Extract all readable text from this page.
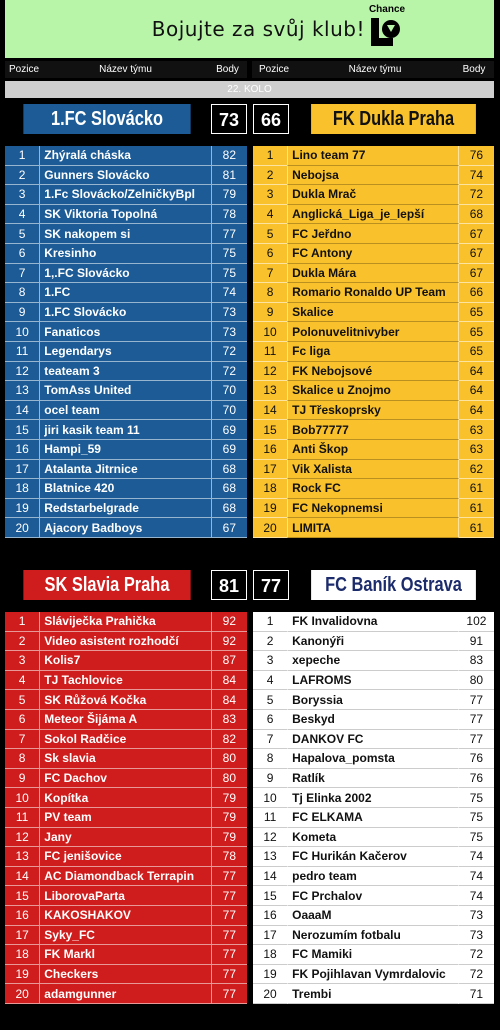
Bojujte za svůj klub!
Chance
Pozice	Název týmu	Body	Pozice	Název týmu	Body
22. KOLO
1.FC Slovácko	73
1	Zhýralá cháska	82
2	Gunners Slovácko	81
3	1.Fc Slovácko/ZelničkyBpl	79
4	SK Viktoria Topolná	78
5	SK nakopem si	77
6	Kresinho	75
7	1,.FC Slovácko	75
8	1.FC	74
9	1.FC Slovácko	73
10	Fanaticos	73
11	Legendarys	72
12	teateam 3	72
13	TomAss United	70
14	ocel team	70
15	jiri kasik team 11	69
16	Hampi_59	69
17	Atalanta Jitrnice	68
18	Blatnice 420	68
19	Redstarbelgrade	68
20	Ajacory Badboys	67
FK Dukla Praha
66
1	Lino team 77	76
2	Nebojsa	74
3	Dukla Mrač	72
4	Anglická_Liga_je_lepší	68
5	FC Jeřdno	67
6	FC Antony	67
7	Dukla Mára	67
8	Romario Ronaldo UP Team	66
9	Skalice	65
10	Polonuvelitnivyber	65
11	Fc liga	65
12	FK Nebojsové	64
13	Skalice u Znojmo	64
14	TJ Třeskoprsky	64
15	Bob77777	63
16	Anti Škop	63
17	Vik Xalista	62
18	Rock FC	61
19	FC Nekopnemsi	61
20	LIMITA	61
SK Slavia Praha	81
1	Sláviječka Prahička	92
2	Video asistent rozhodčí	92
3	Kolis7	87
4	TJ Tachlovice	84
5	SK Růžová Kočka	84
6	Meteor Šijáma A	83
7	Sokol Radčice	82
8	Sk slavia	80
9	FC Dachov	80
10	Kopítka	79
11	PV team	79
12	Jany	79
13	FC jenišovice	78
14	AC Diamondback Terrapin	77
15	LiborovaParta	77
16	KAKOSHAKOV	77
17	Syky_FC	77
18	FK Markl	77
19	Checkers	77
20	adamgunner	77
FC Baník Ostrava
77
1	FK Invalidovna	102
2	Kanonýři	91
3	xepeche	83
4	LAFROMS	80
5	Boryssia	77
6	Beskyd	77
7	DANKOV FC	77
8	Hapalova_pomsta	76
9	Ratlík	76
10	Tj Elinka 2002	75
11	FC ELKAMA	75
12	Kometa	75
13	FC Hurikán Kačerov	74
14	pedro team	74
15	FC Prchalov	74
16	OaaaM	73
17	Nerozumím fotbalu	73
18	FC Mamiki	72
19	FK Pojihlavan Vymrdalovic	72
20	Trembi	71
